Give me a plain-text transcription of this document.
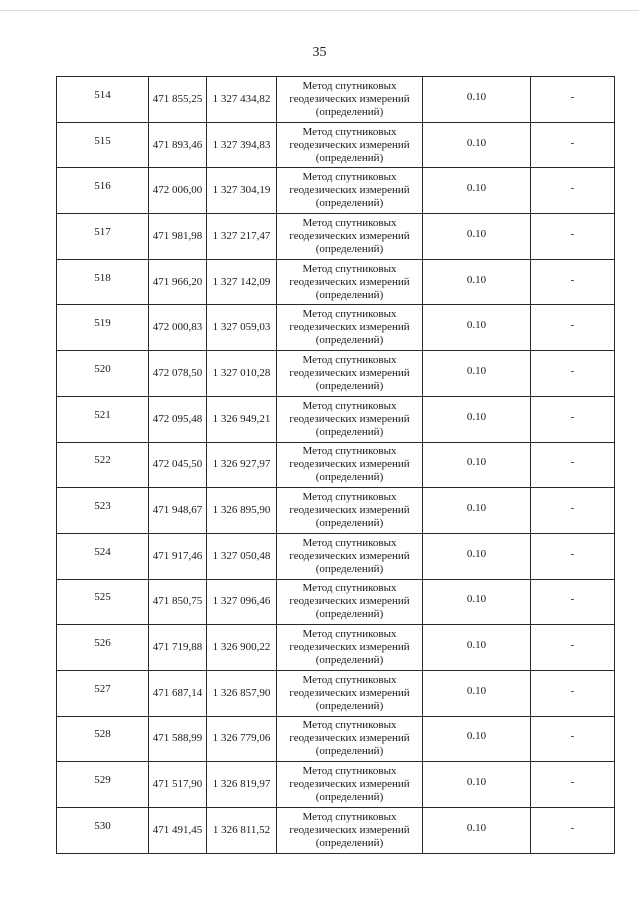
35
514	471 855,25	1 327 434,82	Метод спутниковых
геодезических измерений
(определений)	0.10	-
515	471 893,46	1 327 394,83	Метод спутниковых
геодезических измерений
(определений)	0.10	-
516	472 006,00	1 327 304,19	Метод спутниковых
геодезических измерений
(определений)	0.10	-
517	471 981,98	1 327 217,47	Метод спутниковых
геодезических измерений
(определений)	0.10	-
518	471 966,20	1 327 142,09	Метод спутниковых
геодезических измерений
(определений)	0.10	-
519	472 000,83	1 327 059,03	Метод спутниковых
геодезических измерений
(определений)	0.10	-
520	472 078,50	1 327 010,28	Метод спутниковых
геодезических измерений
(определений)	0.10	-
521	472 095,48	1 326 949,21	Метод спутниковых
геодезических измерений
(определений)	0.10	-
522	472 045,50	1 326 927,97	Метод спутниковых
геодезических измерений
(определений)	0.10	-
523	471 948,67	1 326 895,90	Метод спутниковых
геодезических измерений
(определений)	0.10	-
524	471 917,46	1 327 050,48	Метод спутниковых
геодезических измерений
(определений)	0.10	-
525	471 850,75	1 327 096,46	Метод спутниковых
геодезических измерений
(определений)	0.10	-
526	471 719,88	1 326 900,22	Метод спутниковых
геодезических измерений
(определений)	0.10	-
527	471 687,14	1 326 857,90	Метод спутниковых
геодезических измерений
(определений)	0.10	-
528	471 588,99	1 326 779,06	Метод спутниковых
геодезических измерений
(определений)	0.10	-
529	471 517,90	1 326 819,97	Метод спутниковых
геодезических измерений
(определений)	0.10	-
530	471 491,45	1 326 811,52	Метод спутниковых
геодезических измерений
(определений)	0.10	-
